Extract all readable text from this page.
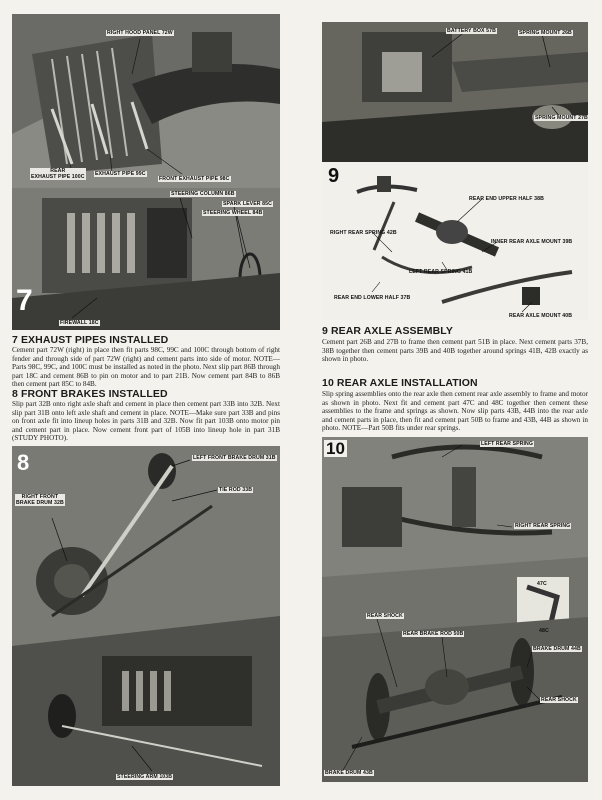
RIGHT HOOD PANEL 72W
REAR
EXHAUST PIPE 100C EXHAUST PIPE 99C
FRONT EXHAUST PIPE 98C
7
STEERING COLUMN 86B
SPARK LEVER 85C
STEERING WHEEL 84B
FIREWALL 18C
7 EXHAUST PIPES INSTALLED
Cement part 72W (right) in place then fit parts 98C, 99C and 100C through bottom of right fender and through side of part 72W (right) and cement parts into side of motor. NOTE—Parts 98C, 99C, and 100C must be installed as noted in the photo. Next slip part 86B through part 18C and cement 86B to pin on motor and to part 21B. Now cement part 84B to 86B then cement part 85C to 84B.
8 FRONT BRAKES INSTALLED
Slip part 32B onto right axle shaft and cement in place then cement part 33B into 32B. Next slip part 31B onto left axle shaft and cement in place. NOTE—Make sure part 33B and pins on front axle fit into lineup holes in parts 31B and 32B. Now fit part 103B onto motor pin and cement part in place. Now cement front part of 105B into lineup hole in part 31B (STUDY PHOTO).
8	LEFT FRONT BRAKE DRUM 31B
TIE ROD 33B
RIGHT FRONT
BRAKE DRUM 32B
STEERING ARM 103B
BATTERY BOX 57B	SPRING MOUNT 26B
SPRING MOUNT 27B
9
REAR END UPPER HALF 38B
RIGHT REAR SPRING 42B
INNER REAR AXLE MOUNT 39B
LEFT REAR SPRING 41B
REAR END LOWER HALF 37B
REAR AXLE MOUNT 40B
9 REAR AXLE ASSEMBLY
Cement part 26B and 27B to frame then cement part 51B in place. Next cement parts 37B, 38B together then cement parts 39B and 40B together around springs 41B, 42B exactly as shown in photo.
10 REAR AXLE INSTALLATION
Slip spring assemblies onto the rear axle then cement rear axle assembly to frame and motor as shown in photo. Next fit and cement part 47C and 48C together then cement these assemblies to the frame and springs as shown. Now slip parts 43B, 44B into the rear axle and cement parts in place, then fit and cement part 50B to frame and 43B, 44B as shown in photo. NOTE—Part 50B fits under rear springs.
10	LEFT REAR SPRING
RIGHT REAR SPRING
47C
48C
REAR SHOCK
REAR BRAKE ROD 50B
BRAKE DRUM 44B
REAR SHOCK
BRAKE DRUM 43B
